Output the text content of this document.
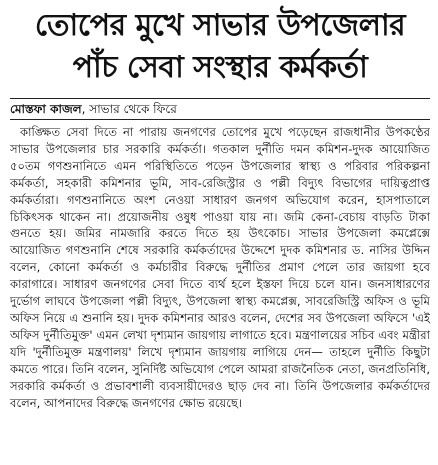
তোপের মুখে সাভার উপজেলার
পাঁচ সেবা সংস্থার কর্মকর্তা
মোস্তফা কাজল, সাভার থেকে ফিরে

কাঙ্ক্ষিত সেবা দিতে না পারায় জনগণের তোপের মুখে পড়েছেন রাজধানীর উপকণ্ঠের সাভার উপজেলার চার সরকারি কর্মকর্তা। গতকাল দুর্নীতি দমন কমিশন-দুদক আয়োজিত ৫০তম গণশুনানিতে এমন পরিস্থিতিতে পড়েন উপজেলার স্বাস্থ্য ও পরিবার পরিকল্পনা কর্মকর্তা, সহকারী কমিশনার ভূমি, সাব-রেজিস্ট্রার ও পল্লী বিদ্যুৎ বিভাগের দায়িত্বপ্রাপ্ত কর্মকর্তারা। গণশুনানিতে অংশ নেওয়া সাধারণ জনগণ অভিযোগ করেন, হাসপাতালে চিকিৎসক থাকেন না। প্রয়োজনীয় ওষুধ পাওয়া যায় না। জমি কেনা-বেচায় বাড়তি টাকা গুনতে হয়। জমির নামজারি করতে দিতে হয় উৎকোচ। সাভার উপজেলা কমপ্লেক্সে আয়োজিত গণশুনানি শেষে সরকারি কর্মকর্তাদের উদ্দেশে দুদক কমিশনার ড. নাসির উদ্দিন বলেন, কোনো কর্মকর্তা ও কর্মচারীর বিরুদ্ধে দুর্নীতির প্রমাণ পেলে তার জায়গা হবে কারাগারে। সাধারণ জনগণের সেবা দিতে ব্যর্থ হলে ইস্তফা দিয়ে চলে যান। জনসাধারণের দুর্ভোগ লাঘবে উপজেলা পল্লী বিদ্যুৎ, উপজেলা স্বাস্থ্য কমপ্লেক্স, সাবরেজিস্ট্রি অফিস ও ভূমি অফিস নিয়ে এ শুনানি হয়। দুদক কমিশনার আরও বলেন, দেশের সব উপজেলা অফিসে 'এই অফিস দুর্নীতিমুক্ত' এমন লেখা দৃশ্যমান জায়গায় লাগাতে হবে। মন্ত্রণালয়ের সচিব এবং মন্ত্রীরা যদি 'দুর্নীতিমুক্ত মন্ত্রণালয়' লিখে দৃশ্যমান জায়গায় লাগিয়ে দেন— তাহলে দুর্নীতি কিছুটা কমতে পারে। তিনি বলেন, সুনির্দিষ্ট অভিযোগ পেলে আমরা রাজনৈতিক নেতা, জনপ্রতিনিধি, সরকারি কর্মকর্তা ও প্রভাবশালী ব্যবসায়ীদেরও ছাড় দেব না। তিনি উপজেলার কর্মকর্তাদের বলেন, আপনাদের বিরুদ্ধে জনগণের ক্ষোভ রয়েছে।
